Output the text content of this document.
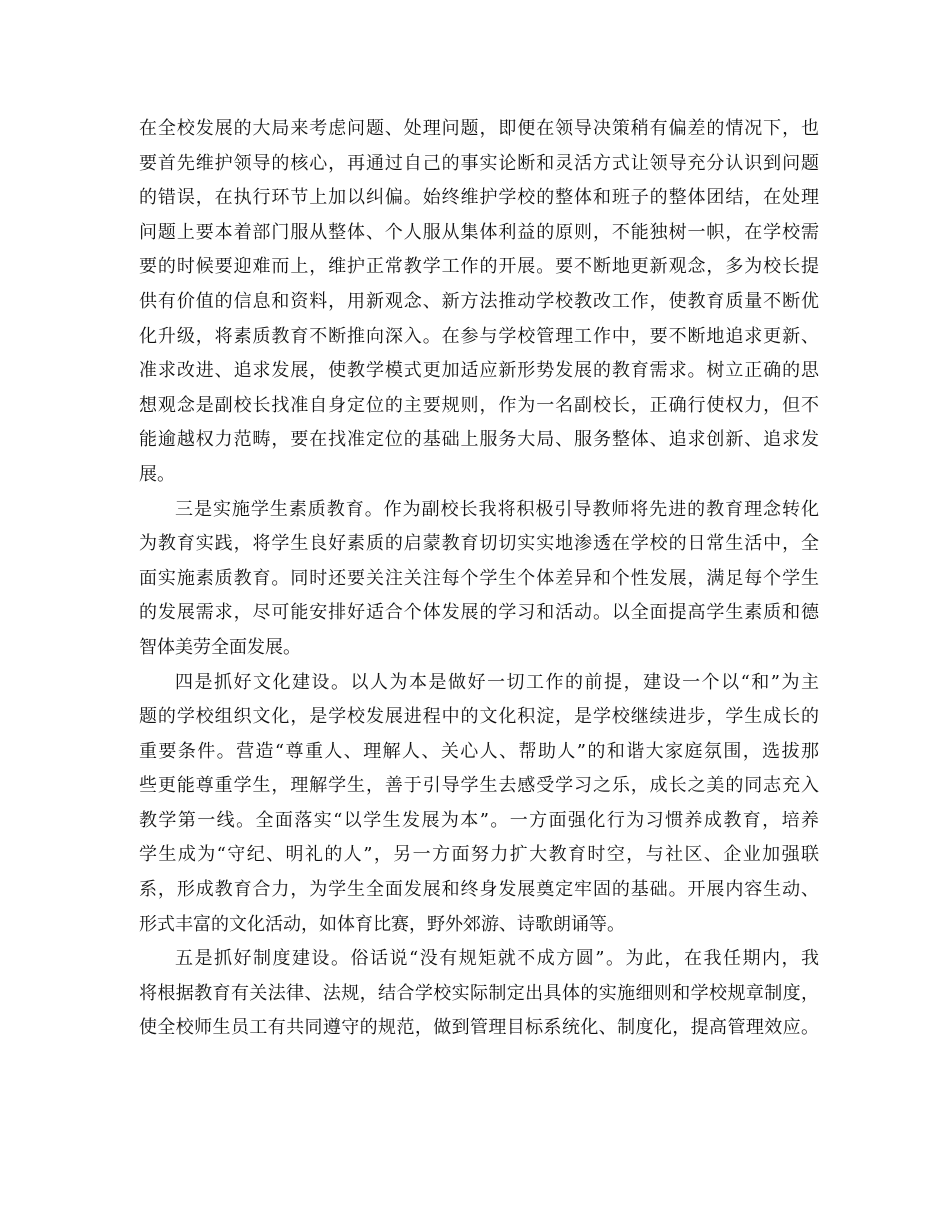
在全校发展的大局来考虑问题、处理问题，即便在领导决策稍有偏差的情况下，也
要首先维护领导的核心，再通过自己的事实论断和灵活方式让领导充分认识到问题
的错误，在执行环节上加以纠偏。始终维护学校的整体和班子的整体团结，在处理
问题上要本着部门服从整体、个人服从集体利益的原则，不能独树一帜，在学校需
要的时候要迎难而上，维护正常教学工作的开展。要不断地更新观念，多为校长提
供有价值的信息和资料，用新观念、新方法推动学校教改工作，使教育质量不断优
化升级，将素质教育不断推向深入。在参与学校管理工作中，要不断地追求更新、
准求改进、追求发展，使教学模式更加适应新形势发展的教育需求。树立正确的思
想观念是副校长找准自身定位的主要规则，作为一名副校长，正确行使权力，但不
能逾越权力范畴，要在找准定位的基础上服务大局、服务整体、追求创新、追求发
展。
三是实施学生素质教育。作为副校长我将积极引导教师将先进的教育理念转化
为教育实践，将学生良好素质的启蒙教育切切实实地渗透在学校的日常生活中，全
面实施素质教育。同时还要关注关注每个学生个体差异和个性发展，满足每个学生
的发展需求，尽可能安排好适合个体发展的学习和活动。以全面提高学生素质和德
智体美劳全面发展。
四是抓好文化建设。以人为本是做好一切工作的前提，建设一个以“和”为主
题的学校组织文化，是学校发展进程中的文化积淀，是学校继续进步，学生成长的
重要条件。营造“尊重人、理解人、关心人、帮助人”的和谐大家庭氛围，选拔那
些更能尊重学生，理解学生，善于引导学生去感受学习之乐，成长之美的同志充入
教学第一线。全面落实“以学生发展为本”。一方面强化行为习惯养成教育，培养
学生成为“守纪、明礼的人”，另一方面努力扩大教育时空，与社区、企业加强联
系，形成教育合力，为学生全面发展和终身发展奠定牢固的基础。开展内容生动、
形式丰富的文化活动，如体育比赛，野外郊游、诗歌朗诵等。
五是抓好制度建设。俗话说“没有规矩就不成方圆”。为此，在我任期内，我
将根据教育有关法律、法规，结合学校实际制定出具体的实施细则和学校规章制度，
使全校师生员工有共同遵守的规范，做到管理目标系统化、制度化，提高管理效应。
